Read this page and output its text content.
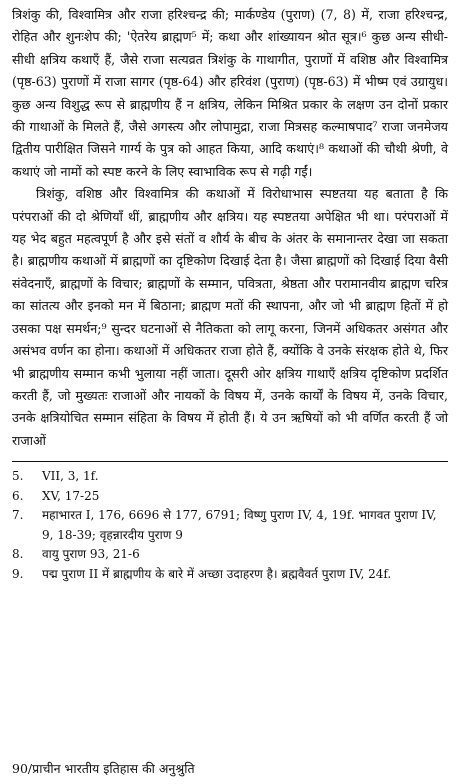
त्रिशंकु की, विश्वामित्र और राजा हरिश्चन्द्र की; मार्कण्डेय (पुराण) (7, 8) में, राजा हरिश्चन्द्र, रोहित और शुनःशेप की; 'ऐतरेय ब्राह्मण⁵ में; कथा और शांख्यायन श्रोत सूत्र।⁶ कुछ अन्य सीधी-सीधी क्षत्रिय कथाएँ हैं, जैसे राजा सत्यव्रत त्रिशंकु के गाथागीत, पुराणों में वशिष्ठ और विश्वामित्र (पृष्ठ-63) पुराणों में राजा सागर (पृष्ठ-64) और हरिवंश (पुराण) (पृष्ठ-63) में भीष्म एवं उग्रायुध। कुछ अन्य विशुद्ध रूप से ब्राह्मणीय हैं न क्षत्रिय, लेकिन मिश्रित प्रकार के लक्षण उन दोनों प्रकार की गाथाओं के मिलते हैं, जैसे अगस्त्य और लोपामुद्रा, राजा मित्रसह कल्माषपाद⁷ राजा जनमेजय द्वितीय पारीक्षित जिसने गार्ग्य के पुत्र को आहत किया, आदि कथाएं।⁸ कथाओं की चौथी श्रेणी, वे कथाएं जो नामों को स्पष्ट करने के लिए स्वाभाविक रूप से गढ़ी गईं।

त्रिशंकु, वशिष्ठ और विश्वामित्र की कथाओं में विरोधाभास स्पष्टतया यह बताता है कि परंपराओं की दो श्रेणियाँ थीं, ब्राह्मणीय और क्षत्रिय। यह स्पष्टतया अपेक्षित भी था। परंपराओं में यह भेद बहुत महत्वपूर्ण है और इसे संतों व शौर्य के बीच के अंतर के समानान्तर देखा जा सकता है। ब्राह्मणीय कथाओं में ब्राह्मणों का दृष्टिकोण दिखाई देता है। जैसा ब्राह्मणों को दिखाई दिया वैसी संवेदनाएँ, ब्राह्मणों के विचार; ब्राह्मणों के सम्मान, पवित्रता, श्रेष्ठता और परामानवीय ब्राह्मण चरित्र का सांतत्य और इनको मन में बिठाना; ब्राह्मण मतों की स्थापना, और जो भी ब्राह्मण हितों में हो उसका पक्ष समर्थन;⁹ सुन्दर घटनाओं से नैतिकता को लागू करना, जिनमें अधिकतर असंगत और असंभव वर्णन का होना। कथाओं में अधिकतर राजा होते हैं, क्योंकि वे उनके संरक्षक होते थे, फिर भी ब्राह्मणीय सम्मान कभी भुलाया नहीं जाता। दूसरी ओर क्षत्रिय गाथाएँ क्षत्रिय दृष्टिकोण प्रदर्शित करती हैं, जो मुख्यतः राजाओं और नायकों के विषय में, उनके कार्यों के विषय में, उनके विचार, उनके क्षत्रियोचित सम्मान संहिता के विषय में होती हैं। ये उन ऋषियों को भी वर्णित करती हैं जो राजाओं

5.	VII, 3, 1f.
6.	XV, 17-25
7.	महाभारत I, 176, 6696 से 177, 6791; विष्णु पुराण IV, 4, 19f. भागवत पुराण IV, 9, 18-39; वृहन्नारदीय पुराण 9
8.	वायु पुराण 93, 21-6
9.	पद्म पुराण II में ब्राह्मणीय के बारे में अच्छा उदाहरण है। ब्रह्मवैवर्त पुराण IV, 24f.
90/प्राचीन भारतीय इतिहास की अनुश्रुति
